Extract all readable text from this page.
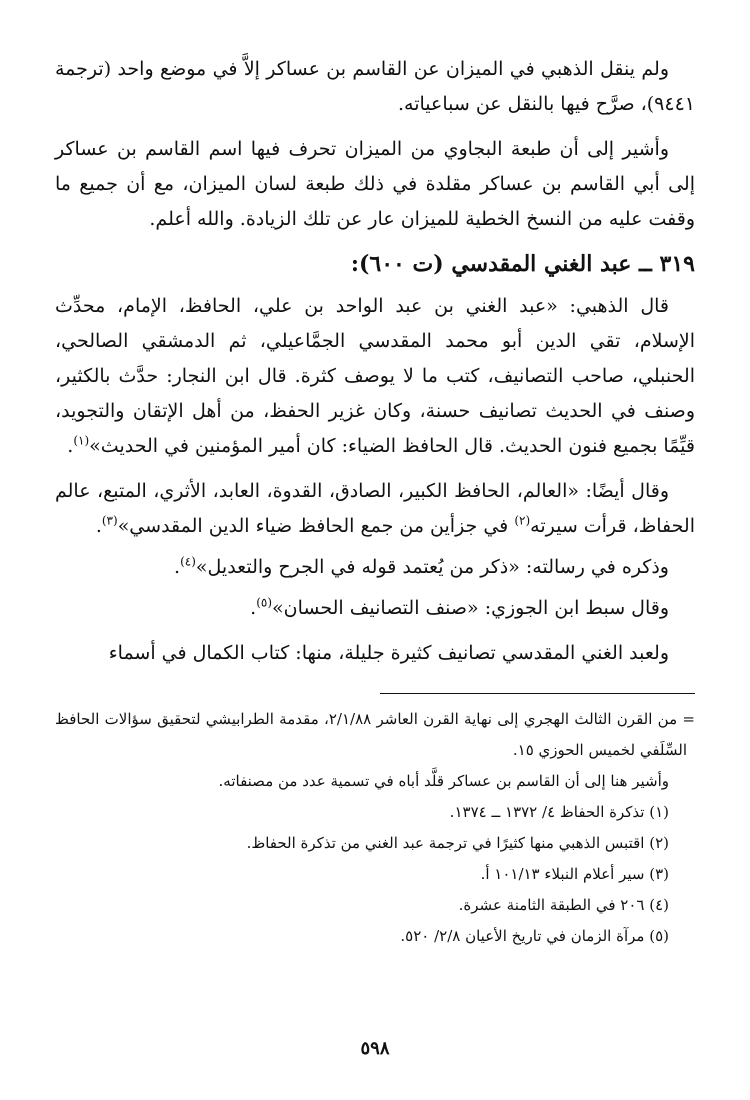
ولم ينقل الذهبي في الميزان عن القاسم بن عساكر إلاَّ في موضع واحد (ترجمة ٩٤٤١)، صرَّح فيها بالنقل عن سباعياته.

وأشير إلى أن طبعة البجاوي من الميزان تحرف فيها اسم القاسم بن عساكر إلى أبي القاسم بن عساكر مقلدة في ذلك طبعة لسان الميزان، مع أن جميع ما وقفت عليه من النسخ الخطية للميزان عار عن تلك الزيادة. والله أعلم.

٣١٩ ــ عبد الغني المقدسي (ت ٦٠٠):

قال الذهبي: «عبد الغني بن عبد الواحد بن علي، الحافظ، الإمام، محدِّث الإسلام، تقي الدين أبو محمد المقدسي الجمَّاعيلي، ثم الدمشقي الصالحي، الحنبلي، صاحب التصانيف، كتب ما لا يوصف كثرة. قال ابن النجار: حدَّث بالكثير، وصنف في الحديث تصانيف حسنة، وكان غزير الحفظ، من أهل الإتقان والتجويد، قيِّمًا بجميع فنون الحديث. قال الحافظ الضياء: كان أمير المؤمنين في الحديث»$^{(١)}$.

وقال أيضًا: «العالم، الحافظ الكبير، الصادق، القدوة، العابد، الأثري، المتبع، عالم الحفاظ، قرأت سيرته$^{(٢)}$ في جزأين من جمع الحافظ ضياء الدين المقدسي»$^{(٣)}$.

وذكره في رسالته: «ذكر من يُعتمد قوله في الجرح والتعديل»$^{(٤)}$.

وقال سبط ابن الجوزي: «صنف التصانيف الحسان»$^{(٥)}$.

ولعبد الغني المقدسي تصانيف كثيرة جليلة، منها: كتاب الكمال في أسماء

= من القرن الثالث الهجري إلى نهاية القرن العاشر ٢/١/٨٨، مقدمة الطرابيشي لتحقيق سؤالات الحافظ السِّلَفي لخميس الحوزي ١٥.

وأشير هنا إلى أن القاسم بن عساكر قلَّد أباه في تسمية عدد من مصنفاته.

(١) تذكرة الحفاظ ٤/ ١٣٧٢ ــ ١٣٧٤.

(٢) اقتبس الذهبي منها كثيرًا في ترجمة عبد الغني من تذكرة الحفاظ.

(٣) سير أعلام النبلاء ١٠١/١٣ أ.

(٤) ٢٠٦ في الطبقة الثامنة عشرة.

(٥) مرآة الزمان في تاريخ الأعيان ٢/٨/ ٥٢٠.

٥٩٨
